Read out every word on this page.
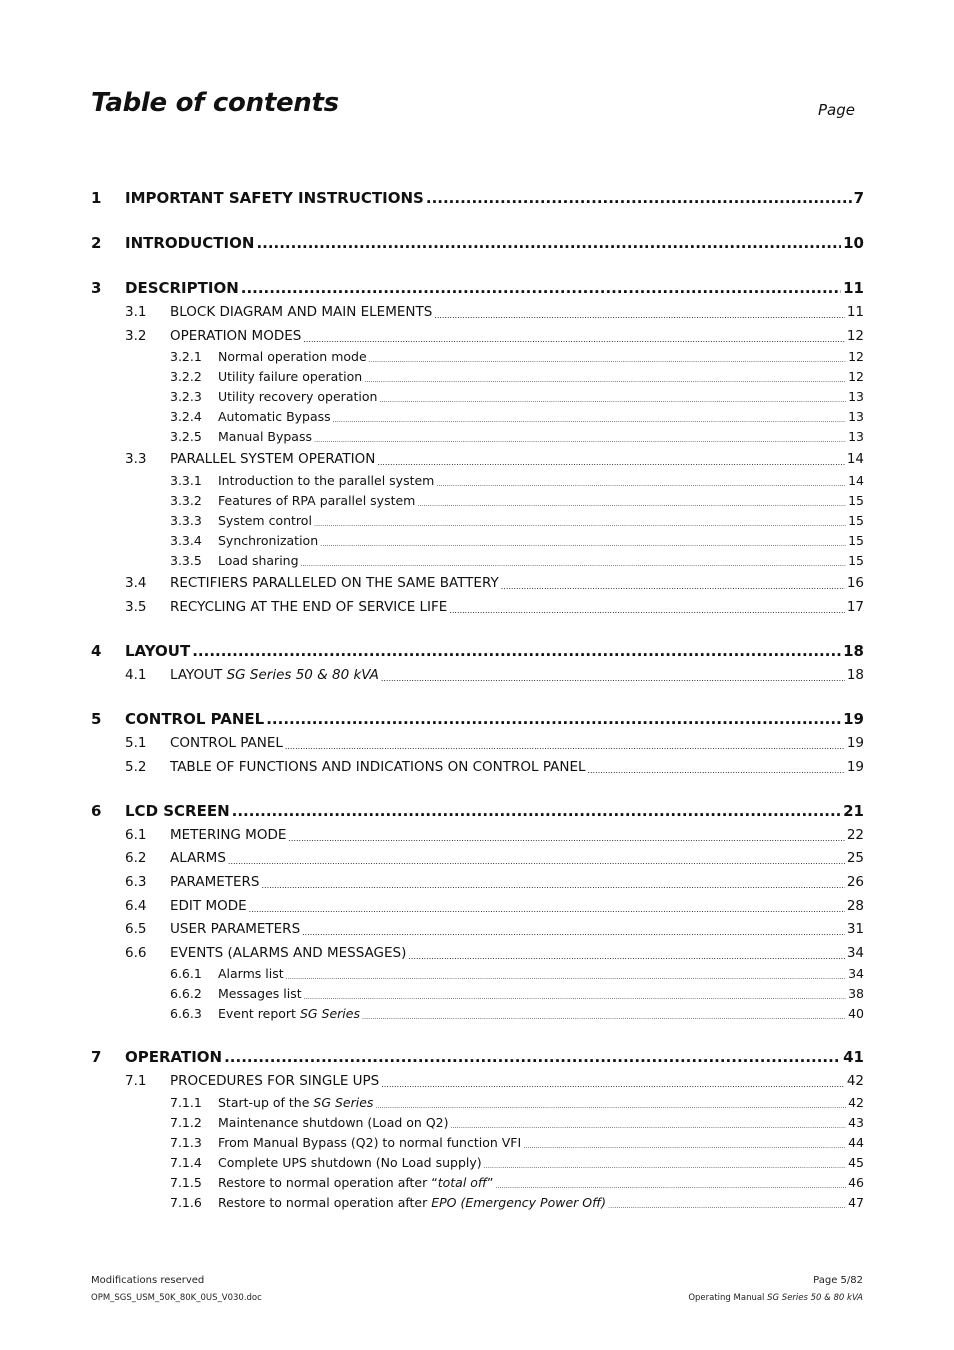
Table of contents	Page
1	IMPORTANT SAFETY INSTRUCTIONS .....	7
2	INTRODUCTION .....	10
3	DESCRIPTION .....	11
3.1	BLOCK DIAGRAM AND MAIN ELEMENTS .....	11
3.2	OPERATION MODES .....	12
3.2.1	Normal operation mode .....	12
3.2.2	Utility failure operation .....	12
3.2.3	Utility recovery operation .....	13
3.2.4	Automatic Bypass .....	13
3.2.5	Manual Bypass .....	13
3.3	PARALLEL SYSTEM OPERATION .....	14
3.3.1	Introduction to the parallel system .....	14
3.3.2	Features of RPA parallel system .....	15
3.3.3	System control .....	15
3.3.4	Synchronization .....	15
3.3.5	Load sharing .....	15
3.4	RECTIFIERS PARALLELED ON THE SAME BATTERY .....	16
3.5	RECYCLING AT THE END OF SERVICE LIFE .....	17
4	LAYOUT .....	18
4.1	LAYOUT SG Series 50 & 80 kVA .....	18
5	CONTROL PANEL .....	19
5.1	CONTROL PANEL .....	19
5.2	TABLE OF FUNCTIONS AND INDICATIONS ON CONTROL PANEL .....	19
6	LCD SCREEN .....	21
6.1	METERING MODE .....	22
6.2	ALARMS .....	25
6.3	PARAMETERS .....	26
6.4	EDIT MODE .....	28
6.5	USER PARAMETERS .....	31
6.6	EVENTS (ALARMS AND MESSAGES) .....	34
6.6.1	Alarms list .....	34
6.6.2	Messages list .....	38
6.6.3	Event report SG Series .....	40
7	OPERATION .....	41
7.1	PROCEDURES FOR SINGLE UPS .....	42
7.1.1	Start-up of the SG Series .....	42
7.1.2	Maintenance shutdown (Load on Q2) .....	43
7.1.3	From Manual Bypass (Q2) to normal function VFI .....	44
7.1.4	Complete UPS shutdown (No Load supply) .....	45
7.1.5	Restore to normal operation after “total off” .....	46
7.1.6	Restore to normal operation after EPO (Emergency Power Off) .....	47
Modifications reserved
OPM_SGS_USM_50K_80K_0US_V030.doc
Page 5/82
Operating Manual SG Series 50 & 80 kVA
